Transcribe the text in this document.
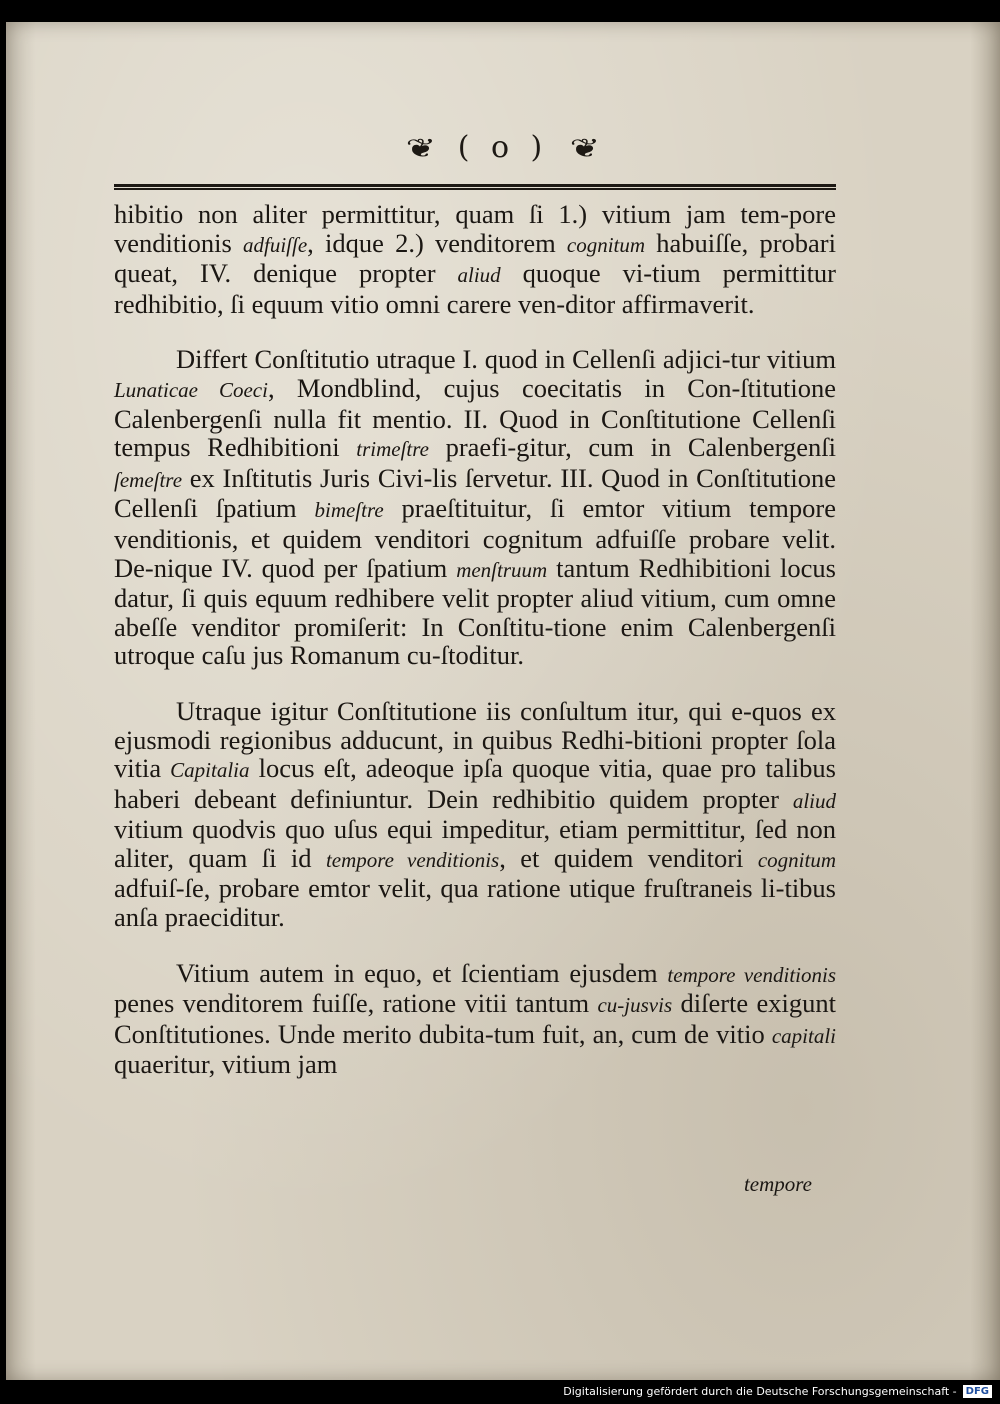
❦ ( o ) ❦

hibitio non aliter permittitur, quam ſi 1.) vitium jam tem-pore venditionis adfuiſſe, idque 2.) venditorem cognitum habuiſſe, probari queat, IV. denique propter aliud quoque vi-tium permittitur redhibitio, ſi equum vitio omni carere ven-ditor affirmaverit.

Differt Conſtitutio utraque I. quod in Cellenſi adjici-tur vitium Lunaticae Coeci, Mondblind, cujus coecitatis in Con-ſtitutione Calenbergenſi nulla fit mentio. II. Quod in Conſtitutione Cellenſi tempus Redhibitioni trimeſtre praefi-gitur, cum in Calenbergenſi ſemeſtre ex Inſtitutis Juris Civi-lis ſervetur. III. Quod in Conſtitutione Cellenſi ſpatium bimeſtre praeſtituitur, ſi emtor vitium tempore venditionis, et quidem venditori cognitum adfuiſſe probare velit. De-nique IV. quod per ſpatium menſtruum tantum Redhibitioni locus datur, ſi quis equum redhibere velit propter aliud vitium, cum omne abeſſe venditor promiſerit: In Conſtitu-tione enim Calenbergenſi utroque caſu jus Romanum cu-ſtoditur.

Utraque igitur Conſtitutione iis conſultum itur, qui e-quos ex ejusmodi regionibus adducunt, in quibus Redhi-bitioni propter ſola vitia Capitalia locus eſt, adeoque ipſa quoque vitia, quae pro talibus haberi debeant definiuntur. Dein redhibitio quidem propter aliud vitium quodvis quo uſus equi impeditur, etiam permittitur, ſed non aliter, quam ſi id tempore venditionis, et quidem venditori cognitum adfuiſ-ſe, probare emtor velit, qua ratione utique fruſtraneis li-tibus anſa praeciditur.

Vitium autem in equo, et ſcientiam ejusdem tempore venditionis penes venditorem fuiſſe, ratione vitii tantum cu-jusvis diſerte exigunt Conſtitutiones. Unde merito dubita-tum fuit, an, cum de vitio capitali quaeritur, vitium jam

tempore
Digitalisierung gefördert durch die Deutsche Forschungsgemeinschaft - DFG
